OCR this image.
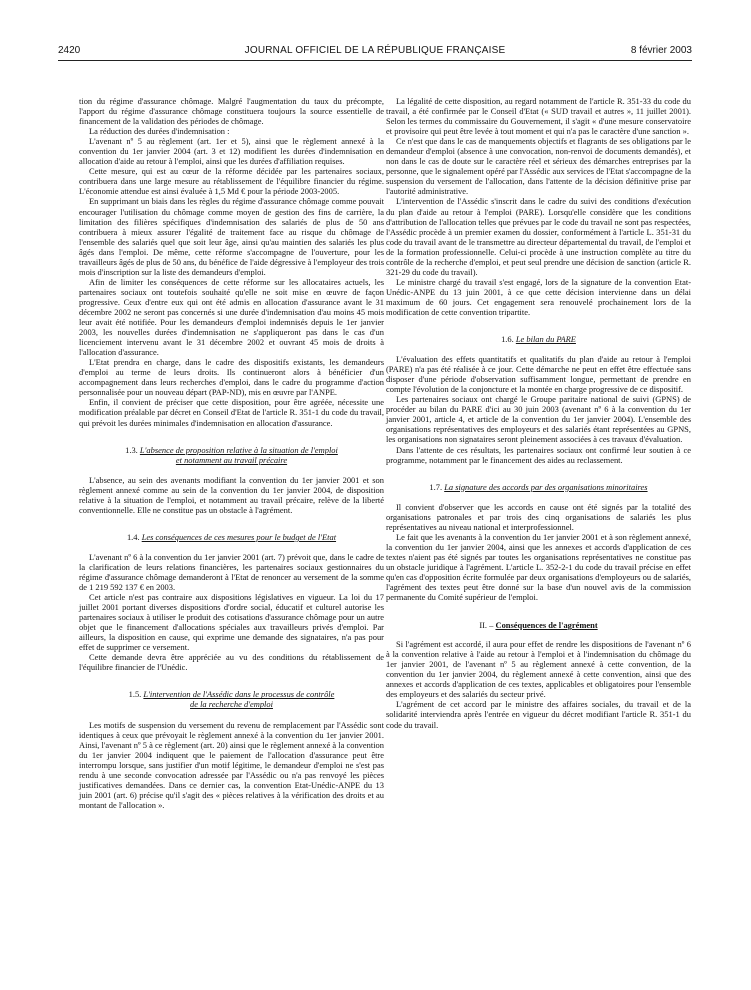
2420	JOURNAL OFFICIEL DE LA RÉPUBLIQUE FRANÇAISE	8 février 2003

tion du régime d'assurance chômage. Malgré l'augmentation du taux du précompte, l'apport du régime d'assurance chômage constituera toujours la source essentielle de financement de la validation des périodes de chômage.

La réduction des durées d'indemnisation :

L'avenant nº 5 au règlement (art. 1er et 5), ainsi que le règlement annexé à la convention du 1er janvier 2004 (art. 3 et 12) modifient les durées d'indemnisation en allocation d'aide au retour à l'emploi, ainsi que les durées d'affiliation requises.

Cette mesure, qui est au cœur de la réforme décidée par les partenaires sociaux, contribuera dans une large mesure au rétablissement de l'équilibre financier du régime. L'économie attendue est ainsi évaluée à 1,5 Md € pour la période 2003-2005.

En supprimant un biais dans les règles du régime d'assurance chômage comme pouvait encourager l'utilisation du chômage comme moyen de gestion des fins de carrière, la limitation des filières spécifiques d'indemnisation des salariés de plus de 50 ans contribuera à mieux assurer l'égalité de traitement face au risque du chômage de l'ensemble des salariés quel que soit leur âge, ainsi qu'au maintien des salariés les plus âgés dans l'emploi. De même, cette réforme s'accompagne de l'ouverture, pour les travailleurs âgés de plus de 50 ans, du bénéfice de l'aide dégressive à l'employeur des trois mois d'inscription sur la liste des demandeurs d'emploi.

Afin de limiter les conséquences de cette réforme sur les allocataires actuels, les partenaires sociaux ont toutefois souhaité qu'elle ne soit mise en œuvre de façon progressive. Ceux d'entre eux qui ont été admis en allocation d'assurance avant le 31 décembre 2002 ne seront pas concernés si une durée d'indemnisation d'au moins 45 mois leur avait été notifiée. Pour les demandeurs d'emploi indemnisés depuis le 1er janvier 2003, les nouvelles durées d'indemnisation ne s'appliqueront pas dans le cas d'un licenciement intervenu avant le 31 décembre 2002 et ouvrant 45 mois de droits à l'allocation d'assurance.

L'Etat prendra en charge, dans le cadre des dispositifs existants, les demandeurs d'emploi au terme de leurs droits. Ils continueront alors à bénéficier d'un accompagnement dans leurs recherches d'emploi, dans le cadre du programme d'action personnalisée pour un nouveau départ (PAP-ND), mis en œuvre par l'ANPE.

Enfin, il convient de préciser que cette disposition, pour être agréée, nécessite une modification préalable par décret en Conseil d'Etat de l'article R. 351-1 du code du travail, qui prévoit les durées minimales d'indemnisation en allocation d'assurance.

1.3. L'absence de proposition relative à la situation de l'emploi
et notamment au travail précaire

L'absence, au sein des avenants modifiant la convention du 1er janvier 2001 et son règlement annexé comme au sein de la convention du 1er janvier 2004, de disposition relative à la situation de l'emploi, et notamment au travail précaire, relève de la liberté conventionnelle. Elle ne constitue pas un obstacle à l'agrément.

1.4. Les conséquences de ces mesures pour le budget de l'Etat

L'avenant nº 6 à la convention du 1er janvier 2001 (art. 7) prévoit que, dans le cadre de la clarification de leurs relations financières, les partenaires sociaux gestionnaires du régime d'assurance chômage demanderont à l'Etat de renoncer au versement de la somme de 1 219 592 137 € en 2003.

Cet article n'est pas contraire aux dispositions législatives en vigueur. La loi du 17 juillet 2001 portant diverses dispositions d'ordre social, éducatif et culturel autorise les partenaires sociaux à utiliser le produit des cotisations d'assurance chômage pour un autre objet que le financement d'allocations spéciales aux travailleurs privés d'emploi. Par ailleurs, la disposition en cause, qui exprime une demande des signataires, n'a pas pour effet de supprimer ce versement.

Cette demande devra être appréciée au vu des conditions du rétablissement de l'équilibre financier de l'Unédic.

1.5. L'intervention de l'Assédic dans le processus de contrôle
de la recherche d'emploi

Les motifs de suspension du versement du revenu de remplacement par l'Assédic sont identiques à ceux que prévoyait le règlement annexé à la convention du 1er janvier 2001. Ainsi, l'avenant nº 5 à ce règlement (art. 20) ainsi que le règlement annexé à la convention du 1er janvier 2004 indiquent que le paiement de l'allocation d'assurance peut être interrompu lorsque, sans justifier d'un motif légitime, le demandeur d'emploi ne s'est pas rendu à une seconde convocation adressée par l'Assédic ou n'a pas renvoyé les pièces justificatives demandées. Dans ce dernier cas, la convention Etat-Unédic-ANPE du 13 juin 2001 (art. 6) précise qu'il s'agit des « pièces relatives à la vérification des droits et au montant de l'allocation ».

La légalité de cette disposition, au regard notamment de l'article R. 351-33 du code du travail, a été confirmée par le Conseil d'Etat (« SUD travail et autres », 11 juillet 2001). Selon les termes du commissaire du Gouvernement, il s'agit « d'une mesure conservatoire et provisoire qui peut être levée à tout moment et qui n'a pas le caractère d'une sanction ».

Ce n'est que dans le cas de manquements objectifs et flagrants de ses obligations par le demandeur d'emploi (absence à une convocation, non-renvoi de documents demandés), et non dans le cas de doute sur le caractère réel et sérieux des démarches entreprises par la personne, que le signalement opéré par l'Assédic aux services de l'Etat s'accompagne de la suspension du versement de l'allocation, dans l'attente de la décision définitive prise par l'autorité administrative.

L'intervention de l'Assédic s'inscrit dans le cadre du suivi des conditions d'exécution du plan d'aide au retour à l'emploi (PARE). Lorsqu'elle considère que les conditions d'attribution de l'allocation telles que prévues par le code du travail ne sont pas respectées, l'Assédic procède à un premier examen du dossier, conformément à l'article L. 351-31 du code du travail avant de le transmettre au directeur départemental du travail, de l'emploi et de la formation professionnelle. Celui-ci procède à une instruction complète au titre du contrôle de la recherche d'emploi, et peut seul prendre une décision de sanction (article R. 321-29 du code du travail).

Le ministre chargé du travail s'est engagé, lors de la signature de la convention Etat-Unédic-ANPE du 13 juin 2001, à ce que cette décision intervienne dans un délai maximum de 60 jours. Cet engagement sera renouvelé prochainement lors de la modification de cette convention tripartite.

1.6. Le bilan du PARE

L'évaluation des effets quantitatifs et qualitatifs du plan d'aide au retour à l'emploi (PARE) n'a pas été réalisée à ce jour. Cette démarche ne peut en effet être effectuée sans disposer d'une période d'observation suffisamment longue, permettant de prendre en compte l'évolution de la conjoncture et la montée en charge progressive de ce dispositif.

Les partenaires sociaux ont chargé le Groupe paritaire national de suivi (GPNS) de procéder au bilan du PARE d'ici au 30 juin 2003 (avenant nº 6 à la convention du 1er janvier 2001, article 4, et article de la convention du 1er janvier 2004). L'ensemble des organisations représentatives des employeurs et des salariés étant représentées au GPNS, les organisations non signataires seront pleinement associées à ces travaux d'évaluation.

Dans l'attente de ces résultats, les partenaires sociaux ont confirmé leur soutien à ce programme, notamment par le financement des aides au reclassement.

1.7. La signature des accords par des organisations minoritaires

Il convient d'observer que les accords en cause ont été signés par la totalité des organisations patronales et par trois des cinq organisations de salariés les plus représentatives au niveau national et interprofessionnel.

Le fait que les avenants à la convention du 1er janvier 2001 et à son règlement annexé, la convention du 1er janvier 2004, ainsi que les annexes et accords d'application de ces textes n'aient pas été signés par toutes les organisations représentatives ne constitue pas un obstacle juridique à l'agrément. L'article L. 352-2-1 du code du travail précise en effet qu'en cas d'opposition écrite formulée par deux organisations d'employeurs ou de salariés, l'agrément des textes peut être donné sur la base d'un nouvel avis de la commission permanente du Comité supérieur de l'emploi.

II. – Conséquences de l'agrément

Si l'agrément est accordé, il aura pour effet de rendre les dispositions de l'avenant nº 6 à la convention relative à l'aide au retour à l'emploi et à l'indemnisation du chômage du 1er janvier 2001, de l'avenant nº 5 au règlement annexé à cette convention, de la convention du 1er janvier 2004, du règlement annexé à cette convention, ainsi que des annexes et accords d'application de ces textes, applicables et obligatoires pour l'ensemble des employeurs et des salariés du secteur privé.

L'agrément de cet accord par le ministre des affaires sociales, du travail et de la solidarité interviendra après l'entrée en vigueur du décret modifiant l'article R. 351-1 du code du travail.
